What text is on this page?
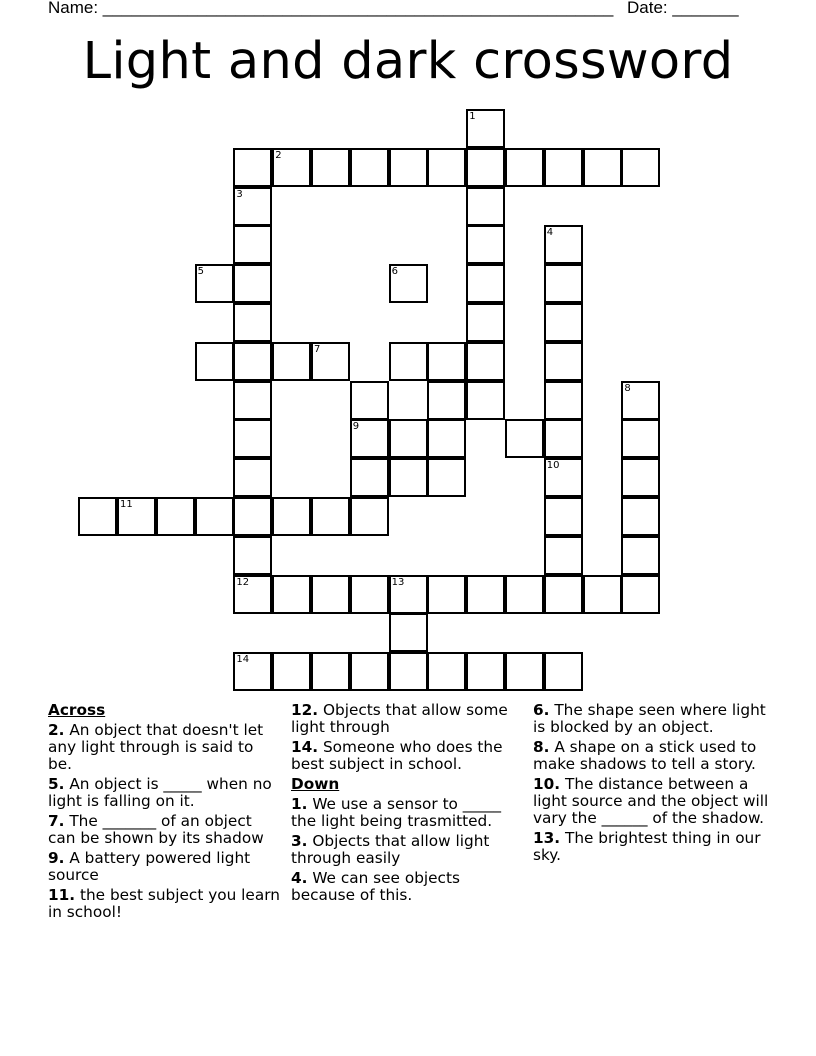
Name: ______________________________________________________ Date: _______
Light and dark crossword
3
12
11
2
9
7
13
14
1
4
5	6
8
10
Across
2. An object that doesn't let any light through is said to be.
5. An object is _____ when no light is falling on it.
7. The _______ of an object can be shown by its shadow
9. A battery powered light source
11. the best subject you learn in school!
12. Objects that allow some light through
14. Someone who does the best subject in school.
Down
1. We use a sensor to _____ the light being trasmitted.
3. Objects that allow light through easily
4. We can see objects because of this.
6. The shape seen where light is blocked by an object.
8. A shape on a stick used to make shadows to tell a story.
10. The distance between a light source and the object will vary the ______ of the shadow.
13. The brightest thing in our sky.
